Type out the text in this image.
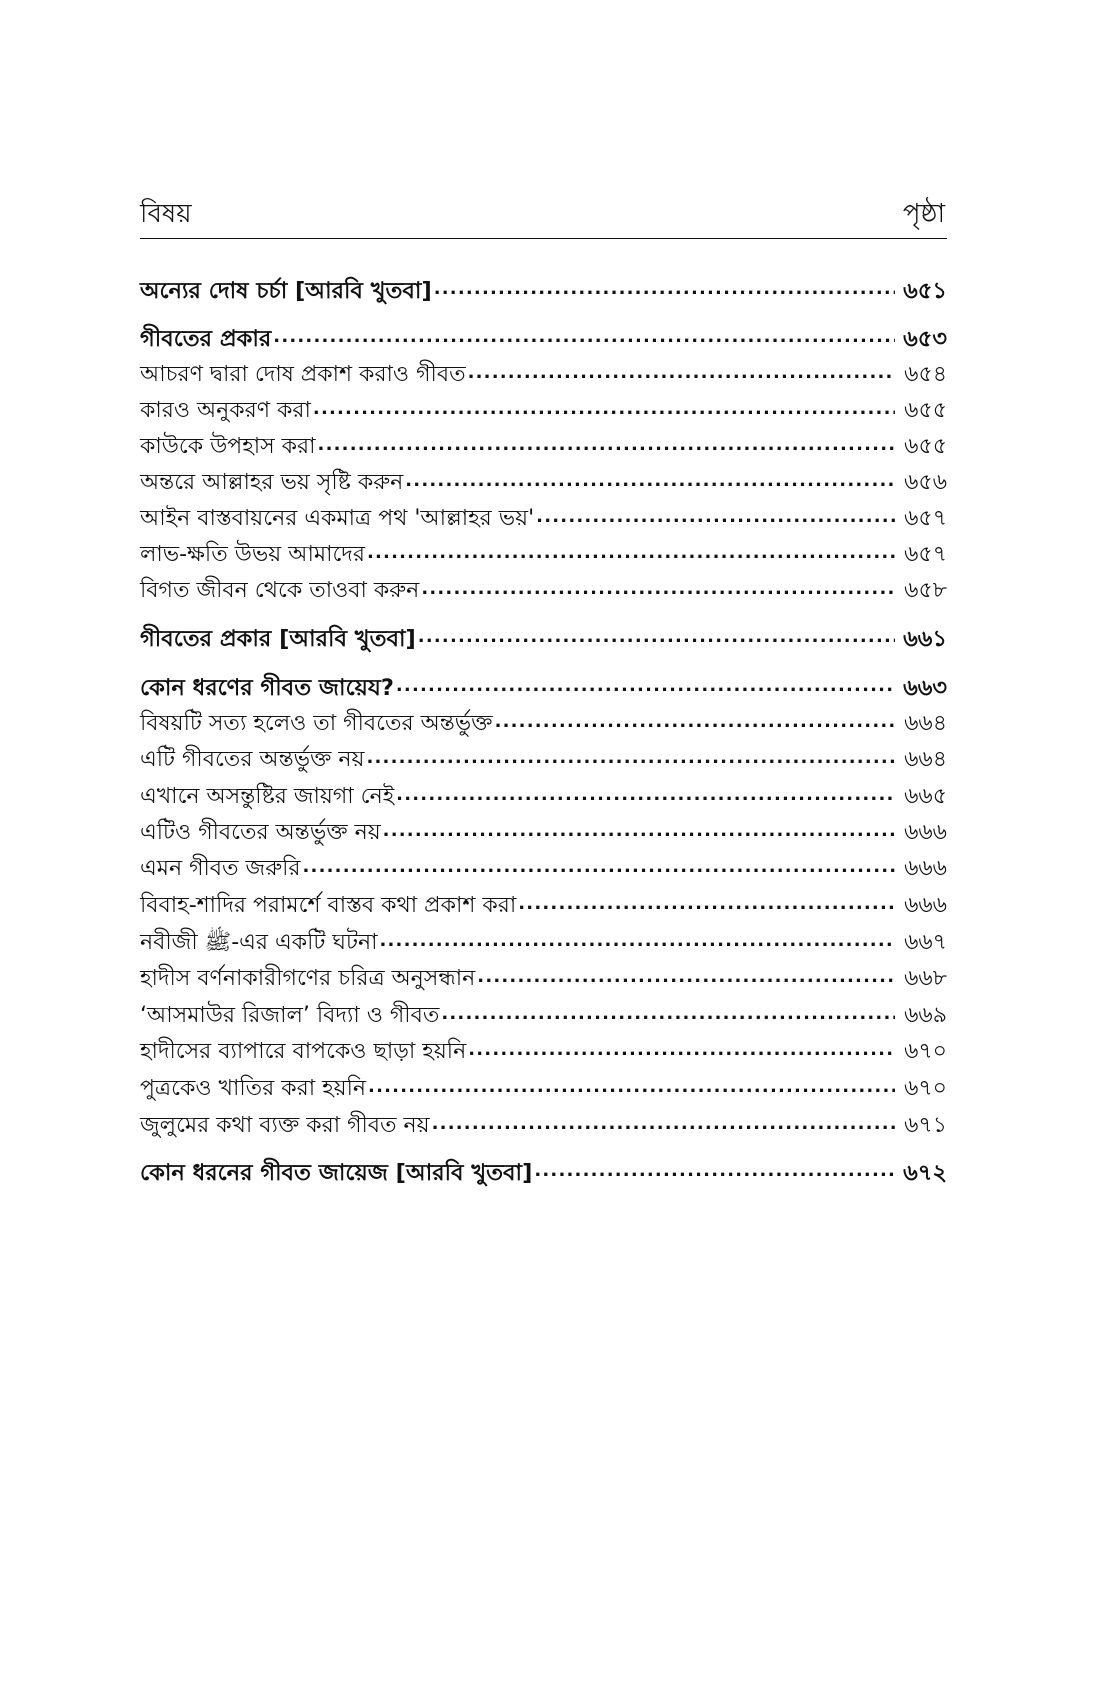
বিষয়	পৃষ্ঠা
অন্যের দোষ চর্চা [আরবি খুতবা] .....	৬৫১
গীবতের প্রকার .....	৬৫৩
আচরণ দ্বারা দোষ প্রকাশ করাও গীবত .....	৬৫৪
কারও অনুকরণ করা .....	৬৫৫
কাউকে উপহাস করা .....	৬৫৫
অন্তরে আল্লাহর ভয় সৃষ্টি করুন .....	৬৫৬
আইন বাস্তবায়নের একমাত্র পথ 'আল্লাহর ভয়' .....	৬৫৭
লাভ-ক্ষতি উভয় আমাদের .....	৬৫৭
বিগত জীবন থেকে তাওবা করুন .....	৬৫৮
গীবতের প্রকার [আরবি খুতবা] .....	৬৬১
কোন ধরণের গীবত জায়েয? .....	৬৬৩
বিষয়টি সত্য হলেও তা গীবতের অন্তর্ভুক্ত .....	৬৬৪
এটি গীবতের অন্তর্ভুক্ত নয় .....	৬৬৪
এখানে অসন্তুষ্টির জায়গা নেই .....	৬৬৫
এটিও গীবতের অন্তর্ভুক্ত নয় .....	৬৬৬
এমন গীবত জরুরি .....	৬৬৬
বিবাহ-শাদির পরামর্শে বাস্তব কথা প্রকাশ করা .....	৬৬৬
নবীজী ﷺ-এর একটি ঘটনা .....	৬৬৭
হাদীস বর্ণনাকারীগণের চরিত্র অনুসন্ধান .....	৬৬৮
‘আসমাউর রিজাল’ বিদ্যা ও গীবত .....	৬৬৯
হাদীসের ব্যাপারে বাপকেও ছাড়া হয়নি .....	৬৭০
পুত্রকেও খাতির করা হয়নি .....	৬৭০
জুলুমের কথা ব্যক্ত করা গীবত নয় .....	৬৭১
কোন ধরনের গীবত জায়েজ [আরবি খুতবা] .....	৬৭২
